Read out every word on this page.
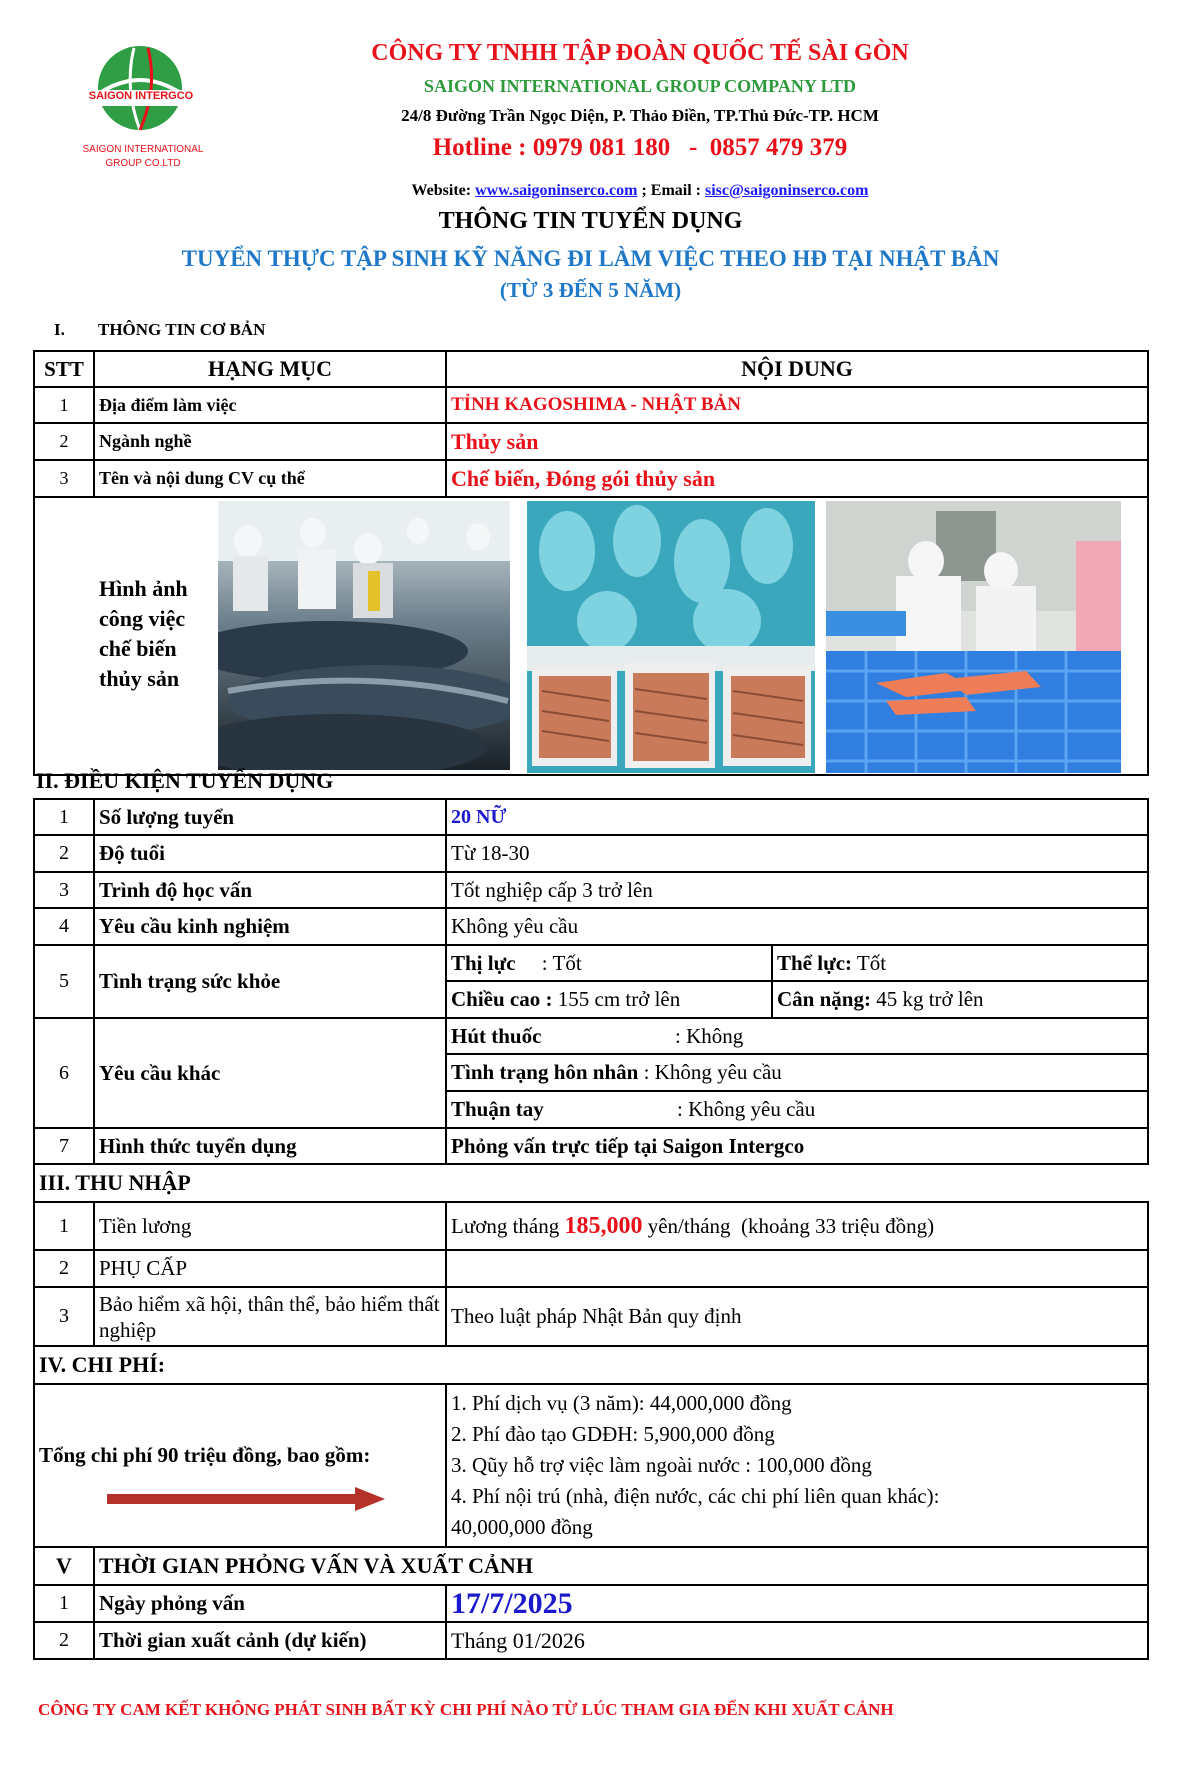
SAIGON INTERGCO
SAIGON INTERNATIONAL
GROUP CO.LTD
CÔNG TY TNHH TẬP ĐOÀN QUỐC TẾ SÀI GÒN
SAIGON INTERNATIONAL GROUP COMPANY LTD
24/8 Đường Trần Ngọc Diện, P. Thảo Điền, TP.Thủ Đức-TP. HCM
Hotline : 0979 081 180   -  0857 479 379
Website: www.saigoninserco.com ; Email : sisc@saigoninserco.com
THÔNG TIN TUYỂN DỤNG
TUYỂN THỰC TẬP SINH KỸ NĂNG ĐI LÀM VIỆC THEO HĐ TẠI NHẬT BẢN
(TỪ 3 ĐẾN 5 NĂM)
I. THÔNG TIN CƠ BẢN
STT	HẠNG MỤC	NỘI DUNG
1	Địa điểm làm việc	TỈNH KAGOSHIMA - NHẬT BẢN
2	Ngành nghề	Thủy sản
3	Tên và nội dung CV cụ thể	Chế biến, Đóng gói thủy sản

Hình ảnh
công việc
chế biến
thủy sản		
II. ĐIỀU KIỆN TUYỂN DỤNG
1	Số lượng tuyển	20 NỮ	
2	Độ tuổi	Từ 18-30	
3	Trình độ học vấn	Tốt nghiệp cấp 3 trở lên	
4	Yêu cầu kinh nghiệm	Không yêu cầu	
5	Tình trạng sức khỏe	Thị lực     : Tốt	Thể lực: Tốt
		Chiều cao : 155 cm trở lên	Cân nặng: 45 kg trở lên
6	Yêu cầu khác	Hút thuốc : Không	
		Tình trạng hôn nhân : Không yêu cầu	
		Thuận tay : Không yêu cầu	
7	Hình thức tuyển dụng	Phỏng vấn trực tiếp tại Saigon Intergco	
III. THU NHẬP			
1	Tiền lương	Lương tháng 185,000 yên/tháng  (khoảng 33 triệu đồng)	
2	PHỤ CẤP		
3	Bảo hiểm xã hội, thân thể, bảo hiểm thất nghiệp	Theo luật pháp Nhật Bản quy định	
IV. CHI PHÍ:			
Tổng chi phí 90 triệu đồng, bao gồm:		1. Phí dịch vụ (3 năm): 44,000,000 đồng
2. Phí đào tạo GDĐH: 5,900,000 đồng
3. Qũy hỗ trợ việc làm ngoài nước : 100,000 đồng
4. Phí nội trú (nhà, điện nước, các chi phí liên quan khác):
40,000,000 đồng	

V	THỜI GIAN PHỎNG VẤN VÀ XUẤT CẢNH		
1	Ngày phỏng vấn	17/7/2025	
2	Thời gian xuất cảnh (dự kiến)	Tháng 01/2026	
CÔNG TY CAM KẾT KHÔNG PHÁT SINH BẤT KỲ CHI PHÍ NÀO TỪ LÚC THAM GIA ĐẾN KHI XUẤT CẢNH
